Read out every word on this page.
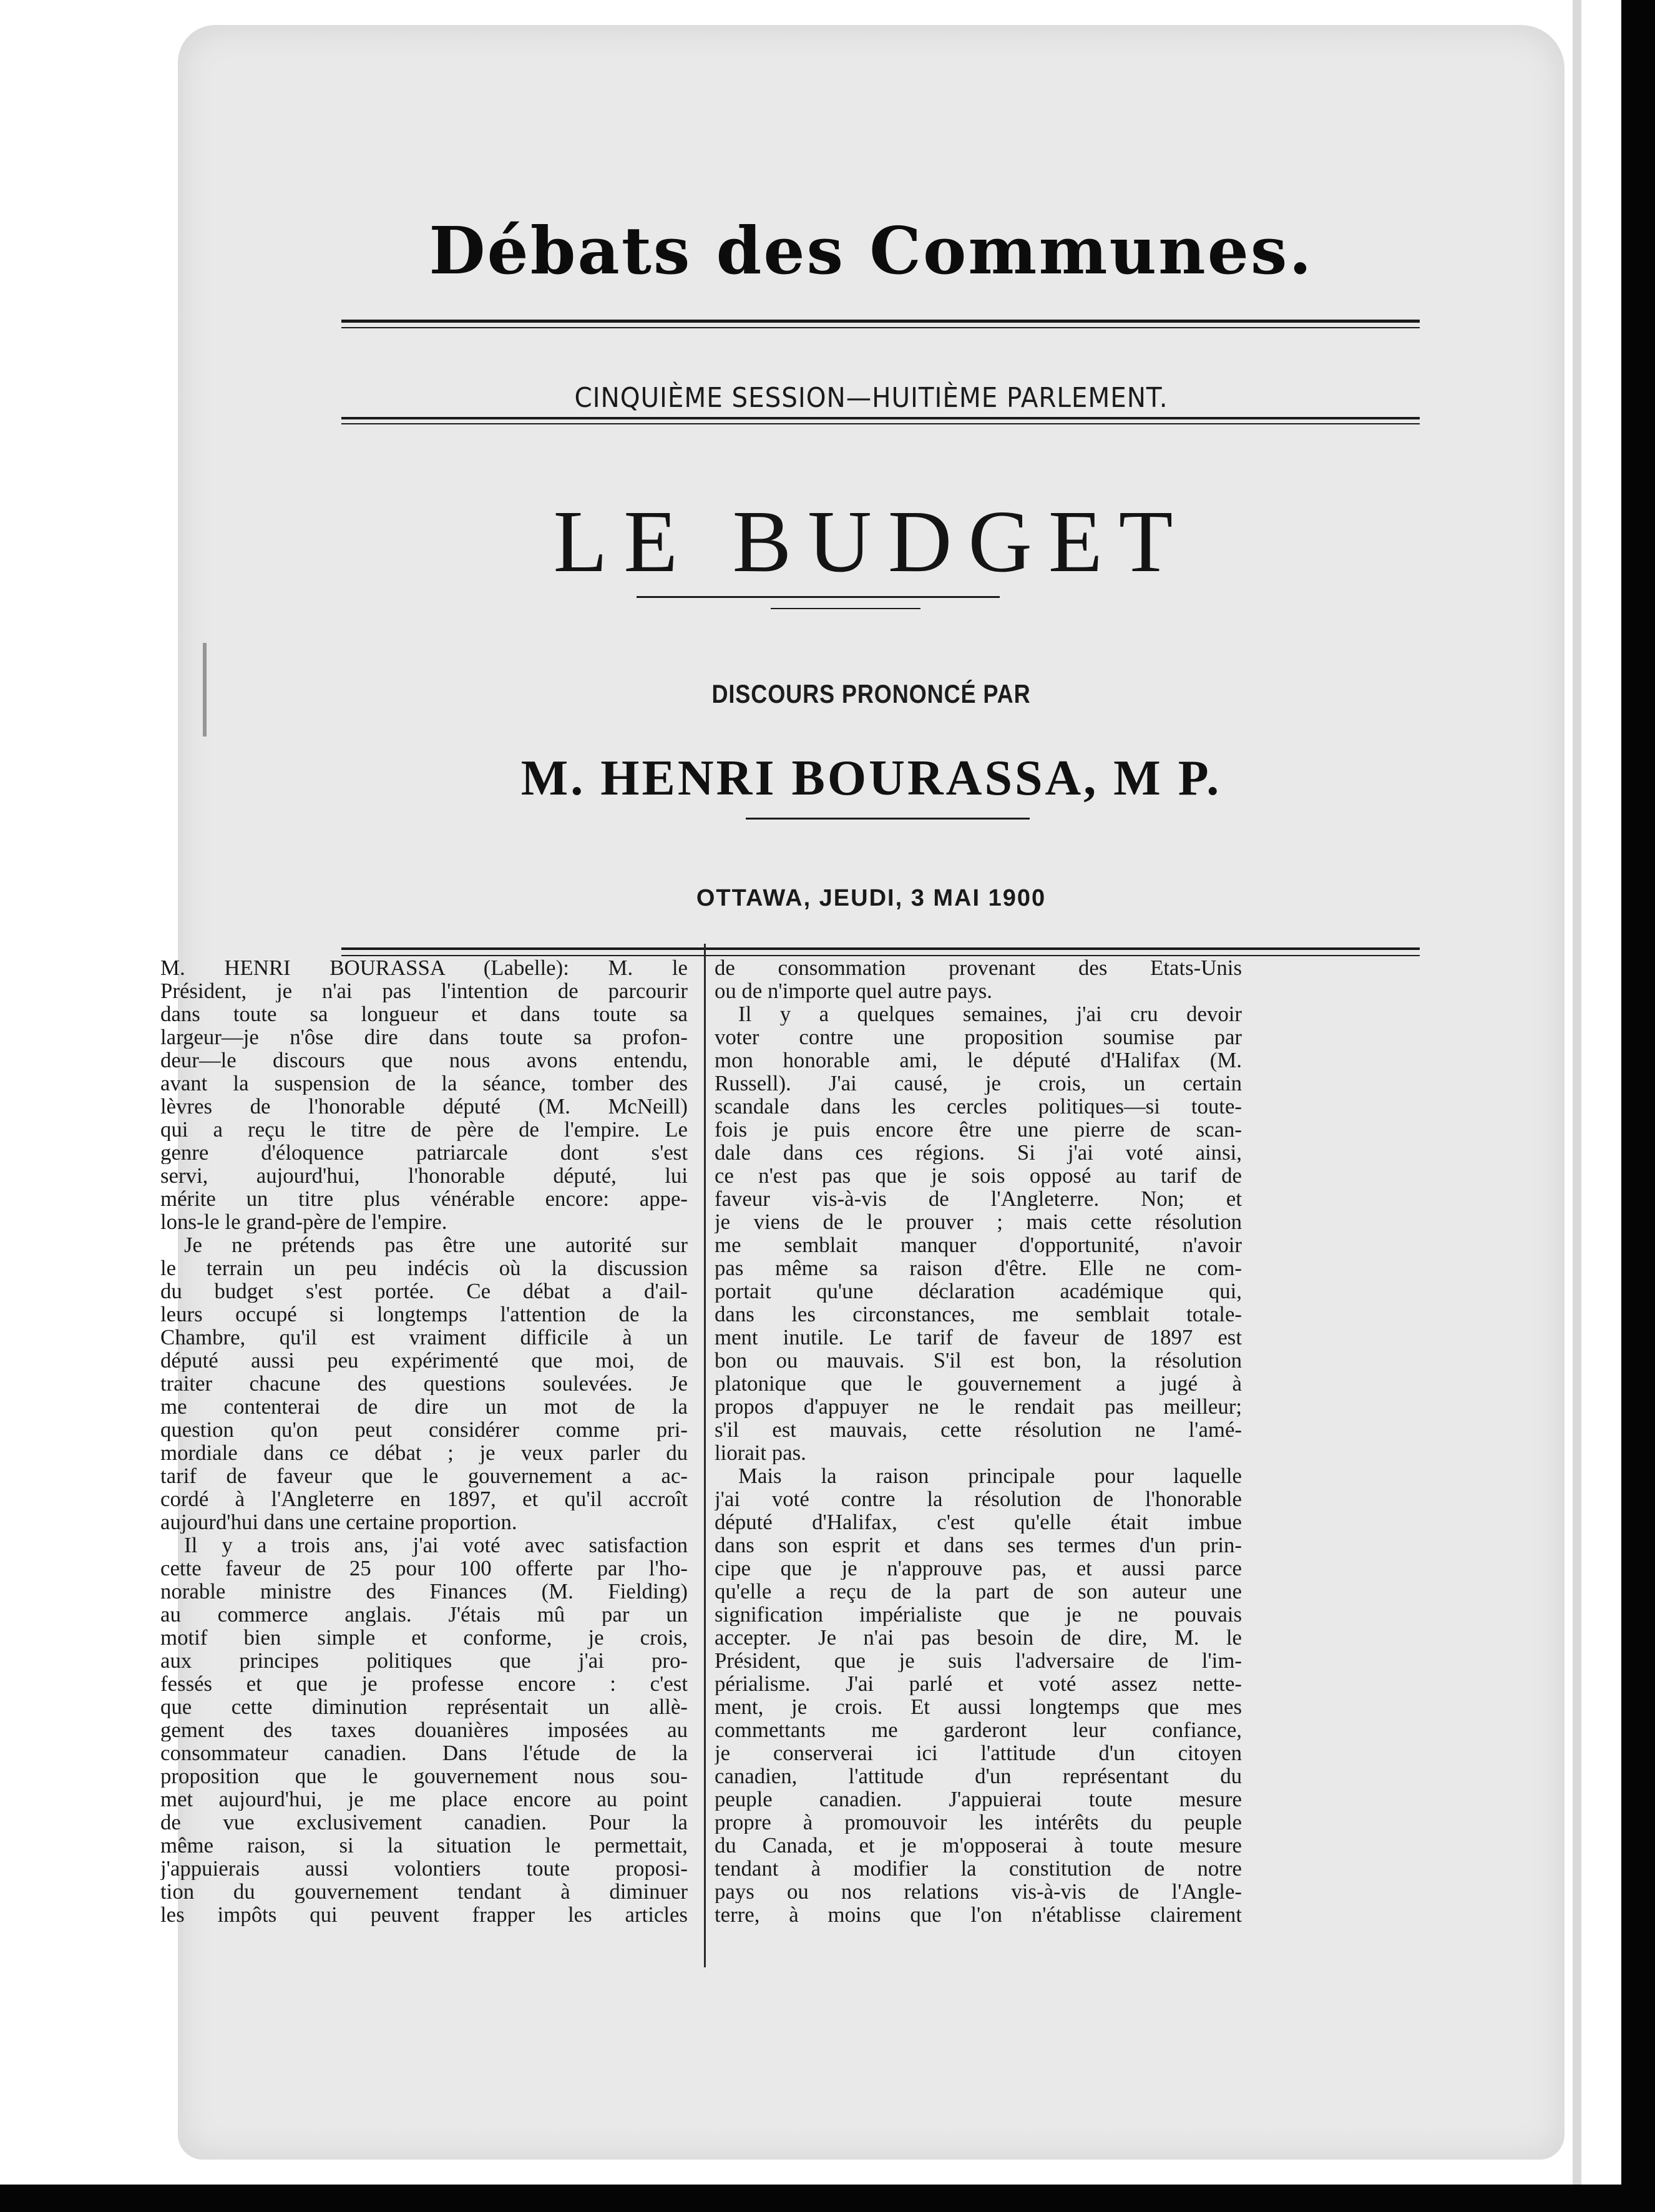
Débats des Communes.
CINQUIÈME SESSION—HUITIÈME PARLEMENT.
LE BUDGET
DISCOURS PRONONCÉ PAR
M. HENRI BOURASSA, M P.
OTTAWA, JEUDI, 3 MAI 1900
M. HENRI BOURASSA (Labelle): M. le
Président, je n'ai pas l'intention de parcourir
dans toute sa longueur et dans toute sa
largeur—je n'ôse dire dans toute sa profon-
deur—le discours que nous avons entendu,
avant la suspension de la séance, tomber des
lèvres de l'honorable député (M. McNeill)
qui a reçu le titre de père de l'empire. Le
genre d'éloquence patriarcale dont s'est
servi, aujourd'hui, l'honorable député, lui
mérite un titre plus vénérable encore: appe-
lons-le le grand-père de l'empire.
Je ne prétends pas être une autorité sur
le terrain un peu indécis où la discussion
du budget s'est portée. Ce débat a d'ail-
leurs occupé si longtemps l'attention de la
Chambre, qu'il est vraiment difficile à un
député aussi peu expérimenté que moi, de
traiter chacune des questions soulevées. Je
me contenterai de dire un mot de la
question qu'on peut considérer comme pri-
mordiale dans ce débat ; je veux parler du
tarif de faveur que le gouvernement a ac-
cordé à l'Angleterre en 1897, et qu'il accroît
aujourd'hui dans une certaine proportion.
Il y a trois ans, j'ai voté avec satisfaction
cette faveur de 25 pour 100 offerte par l'ho-
norable ministre des Finances (M. Fielding)
au commerce anglais. J'étais mû par un
motif bien simple et conforme, je crois,
aux principes politiques que j'ai pro-
fessés et que je professe encore : c'est
que cette diminution représentait un allè-
gement des taxes douanières imposées au
consommateur canadien. Dans l'étude de la
proposition que le gouvernement nous sou-
met aujourd'hui, je me place encore au point
de vue exclusivement canadien. Pour la
même raison, si la situation le permettait,
j'appuierais aussi volontiers toute proposi-
tion du gouvernement tendant à diminuer
les impôts qui peuvent frapper les articles
de consommation provenant des Etats-Unis
ou de n'importe quel autre pays.
Il y a quelques semaines, j'ai cru devoir
voter contre une proposition soumise par
mon honorable ami, le député d'Halifax (M.
Russell). J'ai causé, je crois, un certain
scandale dans les cercles politiques—si toute-
fois je puis encore être une pierre de scan-
dale dans ces régions. Si j'ai voté ainsi,
ce n'est pas que je sois opposé au tarif de
faveur vis-à-vis de l'Angleterre. Non; et
je viens de le prouver ; mais cette résolution
me semblait manquer d'opportunité, n'avoir
pas même sa raison d'être. Elle ne com-
portait qu'une déclaration académique qui,
dans les circonstances, me semblait totale-
ment inutile. Le tarif de faveur de 1897 est
bon ou mauvais. S'il est bon, la résolution
platonique que le gouvernement a jugé à
propos d'appuyer ne le rendait pas meilleur;
s'il est mauvais, cette résolution ne l'amé-
liorait pas.
Mais la raison principale pour laquelle
j'ai voté contre la résolution de l'honorable
député d'Halifax, c'est qu'elle était imbue
dans son esprit et dans ses termes d'un prin-
cipe que je n'approuve pas, et aussi parce
qu'elle a reçu de la part de son auteur une
signification impérialiste que je ne pouvais
accepter. Je n'ai pas besoin de dire, M. le
Président, que je suis l'adversaire de l'im-
périalisme. J'ai parlé et voté assez nette-
ment, je crois. Et aussi longtemps que mes
commettants me garderont leur confiance,
je conserverai ici l'attitude d'un citoyen
canadien, l'attitude d'un représentant du
peuple canadien. J'appuierai toute mesure
propre à promouvoir les intérêts du peuple
du Canada, et je m'opposerai à toute mesure
tendant à modifier la constitution de notre
pays ou nos relations vis-à-vis de l'Angle-
terre, à moins que l'on n'établisse clairement
